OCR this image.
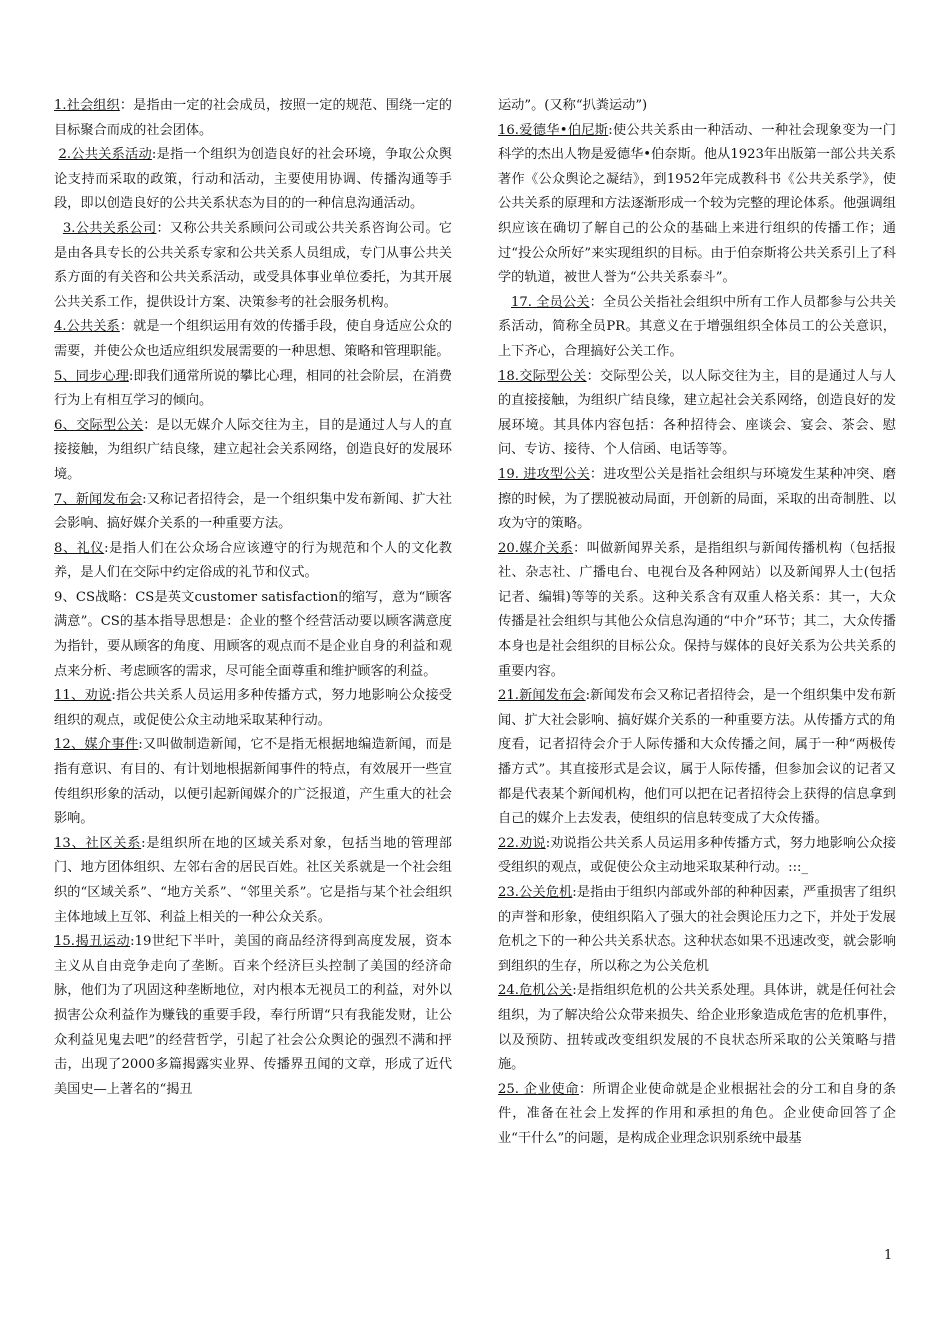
1.社会组织：是指由一定的社会成员，按照一定的规范、围绕一定的目标聚合而成的社会团体。

2.公共关系活动:是指一个组织为创造良好的社会环境，争取公众舆论支持而采取的政策，行动和活动，主要使用协调、传播沟通等手段，即以创造良好的公共关系状态为目的的一种信息沟通活动。

3.公共关系公司：又称公共关系顾问公司或公共关系咨询公司。它是由各具专长的公共关系专家和公共关系人员组成，专门从事公共关系方面的有关咨和公共关系活动，或受具体事业单位委托，为其开展公共关系工作，提供设计方案、决策参考的社会服务机构。

4.公共关系：就是一个组织运用有效的传播手段，使自身适应公众的需要，并使公众也适应组织发展需要的一种思想、策略和管理职能。

5、同步心理:即我们通常所说的攀比心理，相同的社会阶层，在消费行为上有相互学习的倾向。

6、交际型公关：是以无媒介人际交往为主，目的是通过人与人的直接接触，为组织广结良缘，建立起社会关系网络，创造良好的发展环境。

7、新闻发布会:又称记者招待会，是一个组织集中发布新闻、扩大社会影响、搞好媒介关系的一种重要方法。

8、礼仪:是指人们在公众场合应该遵守的行为规范和个人的文化教养，是人们在交际中约定俗成的礼节和仪式。

9、CS战略：CS是英文customer satisfaction的缩写，意为“顾客满意”。CS的基本指导思想是：企业的整个经营活动要以顾客满意度为指针，要从顾客的角度、用顾客的观点而不是企业自身的利益和观点来分析、考虑顾客的需求，尽可能全面尊重和维护顾客的利益。

11、劝说:指公共关系人员运用多种传播方式，努力地影响公众接受组织的观点，或促使公众主动地采取某种行动。

12、媒介事件:又叫做制造新闻，它不是指无根据地编造新闻，而是指有意识、有目的、有计划地根据新闻事件的特点，有效展开一些宣传组织形象的活动，以便引起新闻媒介的广泛报道，产生重大的社会影响。

13、社区关系:是组织所在地的区域关系对象，包括当地的管理部门、地方团体组织、左邻右舍的居民百姓。社区关系就是一个社会组织的“区域关系”、“地方关系”、“邻里关系”。它是指与某个社会组织主体地域上互邻、利益上相关的一种公众关系。

15.揭丑运动:19世纪下半叶，美国的商品经济得到高度发展，资本主义从自由竞争走向了垄断。百来个经济巨头控制了美国的经济命脉，他们为了巩固这种垄断地位，对内根本无视员工的利益，对外以损害公众利益作为赚钱的重要手段，奉行所谓“只有我能发财，让公众利益见鬼去吧”的经营哲学，引起了社会公众舆论的强烈不满和抨击，出现了2000多篇揭露实业界、传播界丑闻的文章，形成了近代美国史—上著名的“揭丑

运动”。(又称“扒粪运动”)

16.爱德华•伯尼斯:使公共关系由一种活动、一种社会现象变为一门科学的杰出人物是爱德华•伯奈斯。他从1923年出版第一部公共关系著作《公众舆论之凝结》，到1952年完成教科书《公共关系学》，使公共关系的原理和方法逐渐形成一个较为完整的理论体系。他强调组织应该在确切了解自己的公众的基础上来进行组织的传播工作；通过“投公众所好”来实现组织的目标。由于伯奈斯将公共关系引上了科学的轨道，被世人誉为“公共关系泰斗”。

17. 全员公关：全员公关指社会组织中所有工作人员都参与公共关系活动，简称全员PR。其意义在于增强组织全体员工的公关意识，上下齐心，合理搞好公关工作。

18.交际型公关：交际型公关，以人际交往为主，目的是通过人与人的直接接触，为组织广结良缘，建立起社会关系网络，创造良好的发展环境。其具体内容包括：各种招待会、座谈会、宴会、茶会、慰问、专访、接待、个人信函、电话等等。

19. 进攻型公关：进攻型公关是指社会组织与环境发生某种冲突、磨擦的时候，为了摆脱被动局面，开创新的局面，采取的出奇制胜、以攻为守的策略。

20.媒介关系：叫做新闻界关系，是指组织与新闻传播机构（包括报社、杂志社、广播电台、电视台及各种网站）以及新闻界人士(包括记者、编辑)等等的关系。这种关系含有双重人格关系：其一，大众传播是社会组织与其他公众信息沟通的“中介”环节；其二，大众传播本身也是社会组织的目标公众。保持与媒体的良好关系为公共关系的重要内容。

21.新闻发布会:新闻发布会又称记者招待会，是一个组织集中发布新闻、扩大社会影响、搞好媒介关系的一种重要方法。从传播方式的角度看，记者招待会介于人际传播和大众传播之间，属于一种“两极传播方式”。其直接形式是会议，属于人际传播，但参加会议的记者又都是代表某个新闻机构，他们可以把在记者招待会上获得的信息拿到自己的媒介上去发表，使组织的信息转变成了大众传播。

22.劝说:劝说指公共关系人员运用多种传播方式，努力地影响公众接受组织的观点，或促使公众主动地采取某种行动。:::_

23.公关危机:是指由于组织内部或外部的种种因素，严重损害了组织的声誉和形象，使组织陷入了强大的社会舆论压力之下，并处于发展危机之下的一种公共关系状态。这种状态如果不迅速改变，就会影响到组织的生存，所以称之为公关危机

24.危机公关:是指组织危机的公共关系处理。具体讲，就是任何社会组织，为了解决给公众带来损失、给企业形象造成危害的危机事件，以及预防、扭转或改变组织发展的不良状态所采取的公关策略与措施。

25. 企业使命：所谓企业使命就是企业根据社会的分工和自身的条件，准备在社会上发挥的作用和承担的角色。企业使命回答了企业“干什么”的问题，是构成企业理念识别系统中最基

1
